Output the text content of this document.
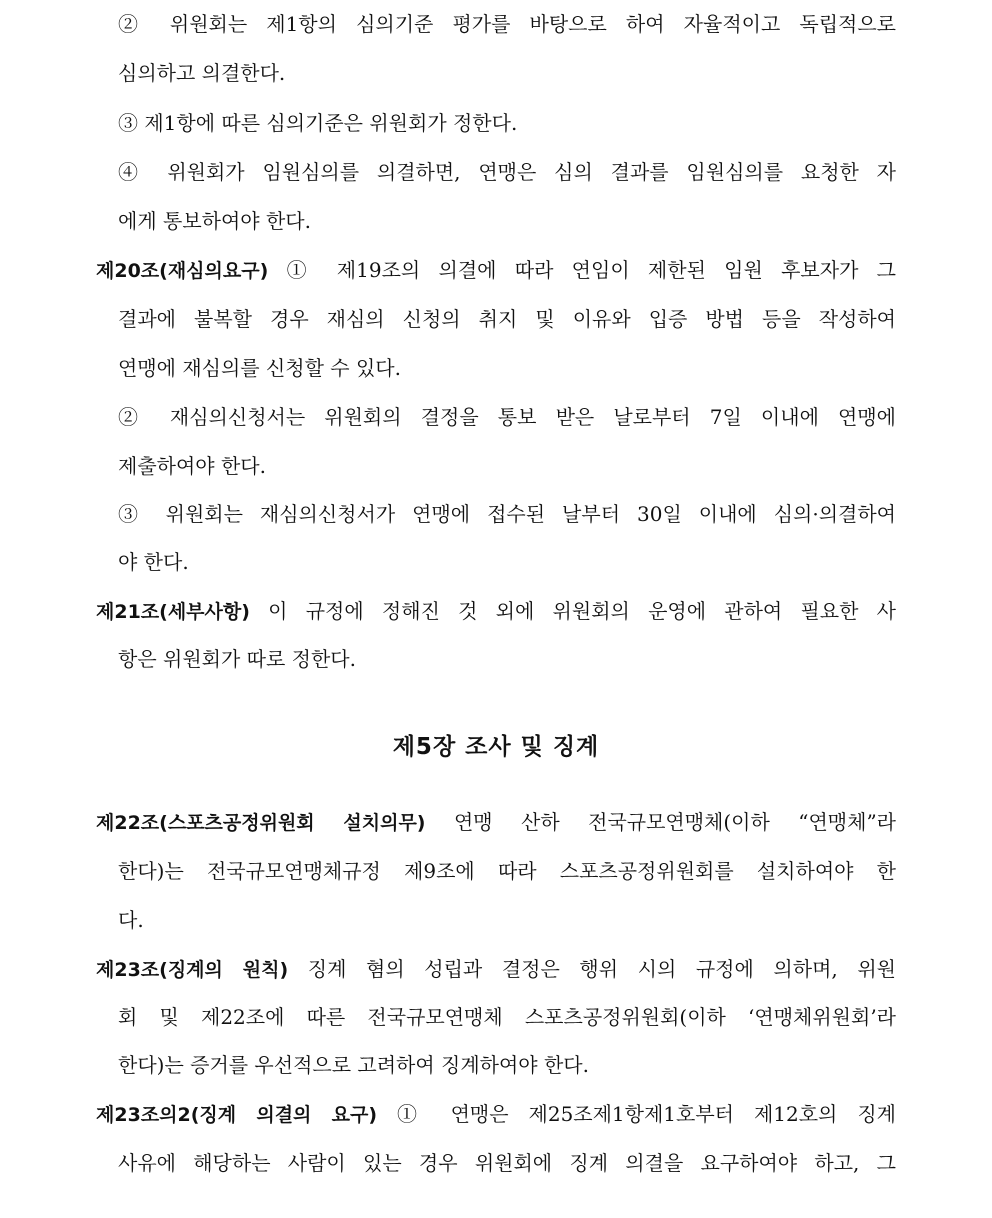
② 위원회는 제1항의 심의기준 평가를 바탕으로 하여 자율적이고 독립적으로
심의하고 의결한다.
③ 제1항에 따른 심의기준은 위원회가 정한다.
④ 위원회가 임원심의를 의결하면, 연맹은 심의 결과를 임원심의를 요청한 자
에게 통보하여야 한다.
제20조(재심의요구) ① 제19조의 의결에 따라 연임이 제한된 임원 후보자가 그
결과에 불복할 경우 재심의 신청의 취지 및 이유와 입증 방법 등을 작성하여
연맹에 재심의를 신청할 수 있다.
② 재심의신청서는 위원회의 결정을 통보 받은 날로부터 7일 이내에 연맹에
제출하여야 한다.
③ 위원회는 재심의신청서가 연맹에 접수된 날부터 30일 이내에 심의·의결하여
야 한다.
제21조(세부사항) 이 규정에 정해진 것 외에 위원회의 운영에 관하여 필요한 사
항은 위원회가 따로 정한다.
제5장 조사 및 징계
제22조(스포츠공정위원회 설치의무) 연맹 산하 전국규모연맹체(이하 “연맹체”라
한다)는 전국규모연맹체규정 제9조에 따라 스포츠공정위원회를 설치하여야 한
다.
제23조(징계의 원칙) 징계 혐의 성립과 결정은 행위 시의 규정에 의하며, 위원
회 및 제22조에 따른 전국규모연맹체 스포츠공정위원회(이하 ‘연맹체위원회’라
한다)는 증거를 우선적으로 고려하여 징계하여야 한다.
제23조의2(징계 의결의 요구) ① 연맹은 제25조제1항제1호부터 제12호의 징계
사유에 해당하는 사람이 있는 경우 위원회에 징계 의결을 요구하여야 하고, 그
